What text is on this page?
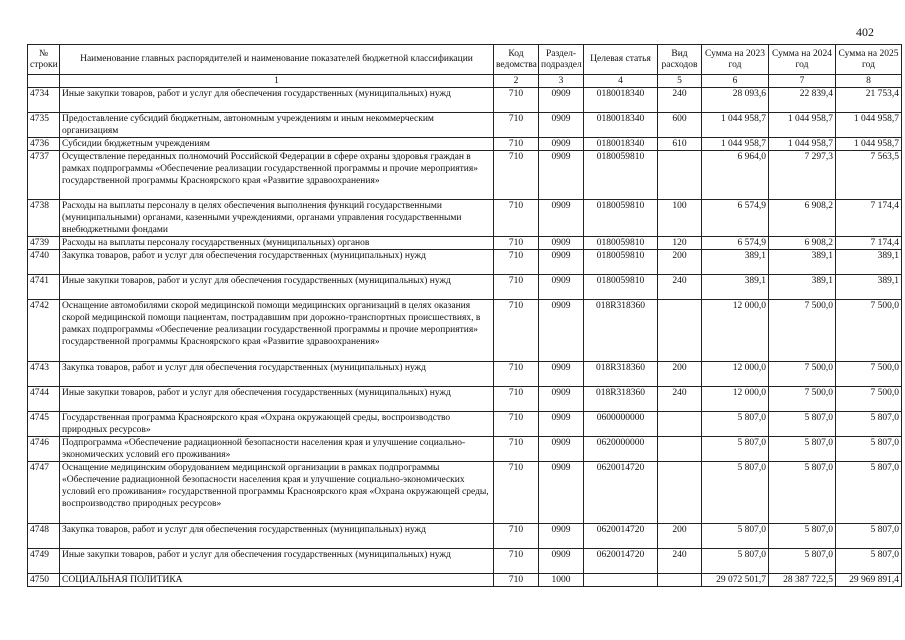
402
№ строки	Наименование главных распорядителей и наименование показателей бюджетной классификации	Код ведомства	Раздел-подраздел	Целевая статья	Вид расходов	Сумма на 2023 год	Сумма на 2024 год	Сумма на 2025 год
	1	2	3	4	5	6	7	8
4734	Иные закупки товаров, работ и услуг для обеспечения государственных (муниципальных) нужд	710	0909	0180018340	240	28 093,6	22 839,4	21 753,4
4735	Предоставление субсидий бюджетным, автономным учреждениям и иным некоммерческим организациям	710	0909	0180018340	600	1 044 958,7	1 044 958,7	1 044 958,7
4736	Субсидии бюджетным учреждениям	710	0909	0180018340	610	1 044 958,7	1 044 958,7	1 044 958,7
4737	Осуществление переданных полномочий Российской Федерации в сфере охраны здоровья граждан в рамках подпрограммы «Обеспечение реализации государственной программы и прочие мероприятия» государственной программы Красноярского края «Развитие здравоохранения»	710	0909	0180059810		6 964,0	7 297,3	7 563,5
4738	Расходы на выплаты персоналу в целях обеспечения выполнения функций государственными (муниципальными) органами, казенными учреждениями, органами управления государственными внебюджетными фондами	710	0909	0180059810	100	6 574,9	6 908,2	7 174,4
4739	Расходы на выплаты персоналу государственных (муниципальных) органов	710	0909	0180059810	120	6 574,9	6 908,2	7 174,4
4740	Закупка товаров, работ и услуг для обеспечения государственных (муниципальных) нужд	710	0909	0180059810	200	389,1	389,1	389,1
4741	Иные закупки товаров, работ и услуг для обеспечения государственных (муниципальных) нужд	710	0909	0180059810	240	389,1	389,1	389,1
4742	Оснащение автомобилями скорой медицинской помощи медицинских организаций в целях оказания скорой медицинской помощи пациентам, пострадавшим при дорожно-транспортных происшествиях, в рамках подпрограммы «Обеспечение реализации государственной программы и прочие мероприятия» государственной программы Красноярского края «Развитие здравоохранения»	710	0909	018R318360		12 000,0	7 500,0	7 500,0
4743	Закупка товаров, работ и услуг для обеспечения государственных (муниципальных) нужд	710	0909	018R318360	200	12 000,0	7 500,0	7 500,0
4744	Иные закупки товаров, работ и услуг для обеспечения государственных (муниципальных) нужд	710	0909	018R318360	240	12 000,0	7 500,0	7 500,0
4745	Государственная программа Красноярского края «Охрана окружающей среды, воспроизводство природных ресурсов»	710	0909	0600000000		5 807,0	5 807,0	5 807,0
4746	Подпрограмма «Обеспечение радиационной безопасности населения края и улучшение социально-экономических условий его проживания»	710	0909	0620000000		5 807,0	5 807,0	5 807,0
4747	Оснащение медицинским оборудованием медицинской организации в рамках подпрограммы «Обеспечение радиационной безопасности населения края и улучшение социально-экономических условий его проживания» государственной программы Красноярского края «Охрана окружающей среды, воспроизводство природных ресурсов»	710	0909	0620014720		5 807,0	5 807,0	5 807,0
4748	Закупка товаров, работ и услуг для обеспечения государственных (муниципальных) нужд	710	0909	0620014720	200	5 807,0	5 807,0	5 807,0
4749	Иные закупки товаров, работ и услуг для обеспечения государственных (муниципальных) нужд	710	0909	0620014720	240	5 807,0	5 807,0	5 807,0
4750	СОЦИАЛЬНАЯ ПОЛИТИКА	710	1000			29 072 501,7	28 387 722,5	29 969 891,4
